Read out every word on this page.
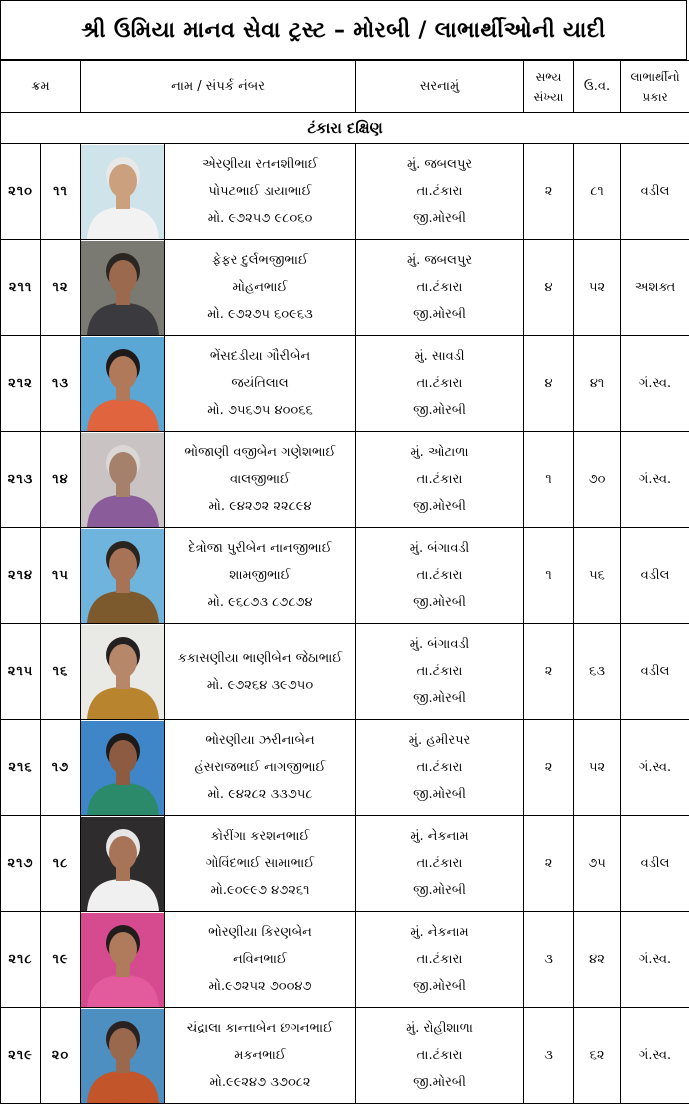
શ્રી ઉમિયા માનવ સેવા ટ્રસ્ટ – મોરબી / લાભાર્થીઓની યાદી
ક્રમ		નામ / સંપર્ક નંબર		સરનામું	સભ્ય
સંખ્યા	ઉ.વ.	લાભાર્થીનો
પ્રકાર

ટંકારા દક્ષિણ							
૨૧૦	૧૧		એરણીયા રતનશીભાઈ
પોપટભાઈ ડાયાભાઈ
મો. ૯૭૨૫૭ ૯૮૦૬૦	મું. જબલપુર
તા.ટંકારા
જી.મોરબી	૨	૮૧	વડીલ
૨૧૧	૧૨		ફેફર દુર્લભજીભાઈ
મોહનભાઈ
મો. ૯૭૨૭૫ ૬૦૯૬૩	મું. જબલપુર
તા.ટંકારા
જી.મોરબી	૪	૫૨	અશક્ત
૨૧૨	૧૩		ભેંસદડીયા ગૌરીબેન
જયંતિલાલ
મો. ૭૫૬૭૫ ૪૦૦૬૬	મું. સાવડી
તા.ટંકારા
જી.મોરબી	૪	૪૧	ગં.સ્વ.
૨૧૩	૧૪		ભોજાણી વજીબેન ગણેશભાઈ
વાલજીભાઈ
મો. ૯૪૨૭૨ ૨૨૮૯૪	મું. ઓટાળા
તા.ટંકારા
જી.મોરબી	૧	૭૦	ગં.સ્વ.
૨૧૪	૧૫		દેત્રોજા પુરીબેન નાનજીભાઈ
શામજીભાઈ
મો. ૯૬૮૭૩ ૮૭૮૭૪	મું. બંગાવડી
તા.ટંકારા
જી.મોરબી	૧	૫૬	વડીલ
૨૧૫	૧૬		કકાસણીયા ભાણીબેન જેઠાભાઈ
મો. ૯૭૨૬૪ ૩૯૭૫૦	મું. બંગાવડી
તા.ટંકારા
જી.મોરબી	૨	૬૩	વડીલ
૨૧૬	૧૭		ભોરણીયા ઝરીનાબેન
હંસરાજભાઈ નાગજીભાઈ
મો. ૯૪૨૮૨ ૩૩૭૫૮	મું. હમીરપર
તા.ટંકારા
જી.મોરબી	૨	૫૨	ગં.સ્વ.
૨૧૭	૧૮		કોરીંગા કરશનભાઈ
ગોવિંદભાઈ સામાભાઈ
મો.૯૦૯૯૭ ૪૭૨૬૧	મું. નેકનામ
તા.ટંકારા
જી.મોરબી	૨	૭૫	વડીલ
૨૧૮	૧૯		ભોરણીયા કિરણબેન
નવિનભાઈ
મો.૯૭૨૫૨ ૭૦૦૪૭	મું. નેકનામ
તા.ટંકારા
જી.મોરબી	૩	૪૨	ગં.સ્વ.
૨૧૯	૨૦		ચંદ્રાલા કાન્તાબેન છગનભાઈ
મકનભાઈ
મો.૯૯૨૪૭ ૩૭૦૮૨	મું. રોહીશાળા
તા.ટંકારા
જી.મોરબી	૩	૬૨	ગં.સ્વ.
